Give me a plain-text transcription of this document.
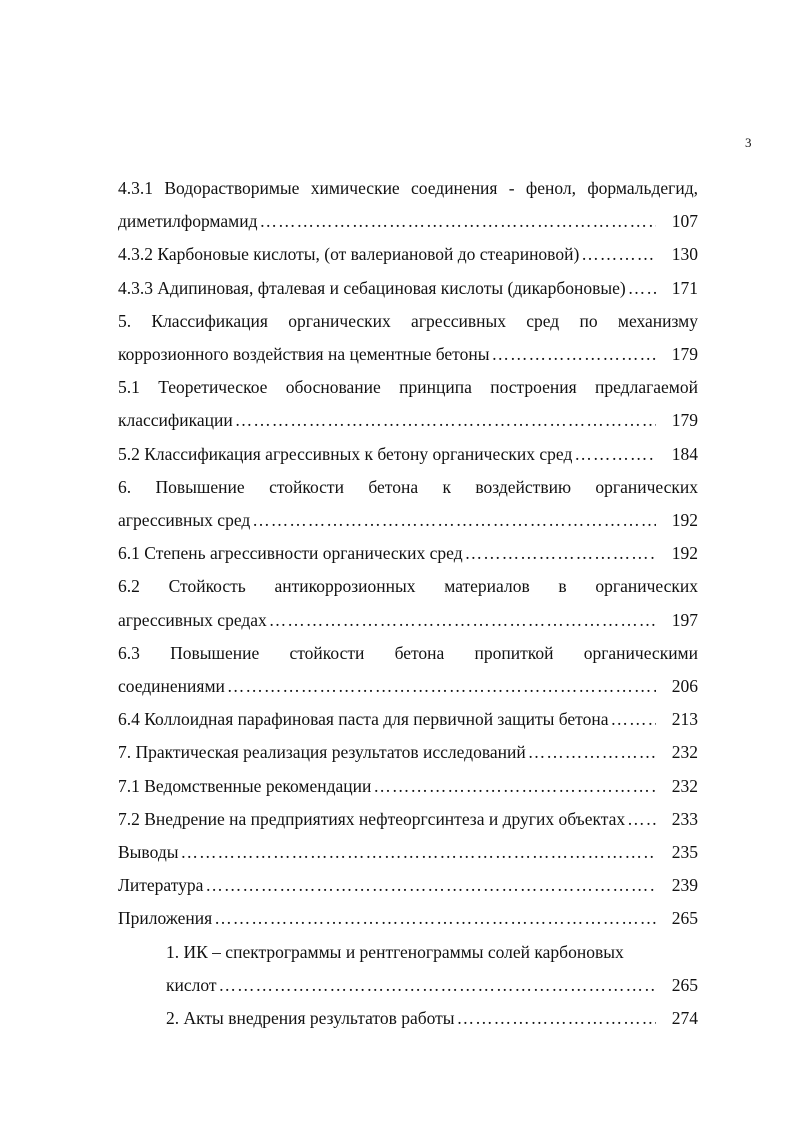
3
4.3.1 Водорастворимые химические соединения - фенол, формальдегид,
диметилформамид ……………………………………………………………………………………………………………………	107
4.3.2 Карбоновые кислоты, (от валериановой до стеариновой) ……………………………………………………………………………………………………………………	130
4.3.3 Адипиновая, фталевая и себациновая кислоты (дикарбоновые) ……………………………………………………………………………………………………………………	171
5. Классификация органических агрессивных сред по механизму
коррозионного воздействия на цементные бетоны ……………………………………………………………………………………………………………………	179
5.1 Теоретическое обоснование принципа построения предлагаемой
классификации ……………………………………………………………………………………………………………………	179
5.2 Классификация агрессивных к бетону органических сред ……………………………………………………………………………………………………………………	184
6. Повышение стойкости бетона к воздействию органических
агрессивных сред ……………………………………………………………………………………………………………………	192
6.1 Степень агрессивности органических сред ……………………………………………………………………………………………………………………	192
6.2 Стойкость антикоррозионных материалов в органических
агрессивных средах ……………………………………………………………………………………………………………………	197
6.3 Повышение стойкости бетона пропиткой органическими
соединениями ……………………………………………………………………………………………………………………	206
6.4 Коллоидная парафиновая паста для первичной защиты бетона ……………………………………………………………………………………………………………………	213
7. Практическая реализация результатов исследований ……………………………………………………………………………………………………………………	232
7.1 Ведомственные рекомендации ……………………………………………………………………………………………………………………	232
7.2 Внедрение на предприятиях нефтеоргсинтеза и других объектах ……………………………………………………………………………………………………………………	233
Выводы ……………………………………………………………………………………………………………………	235
Литература ……………………………………………………………………………………………………………………	239
Приложения ……………………………………………………………………………………………………………………	265
1. ИК – спектрограммы и рентгенограммы солей карбоновых
кислот ……………………………………………………………………………………………………………………	265
2. Акты внедрения результатов работы ……………………………………………………………………………………………………………………	274
